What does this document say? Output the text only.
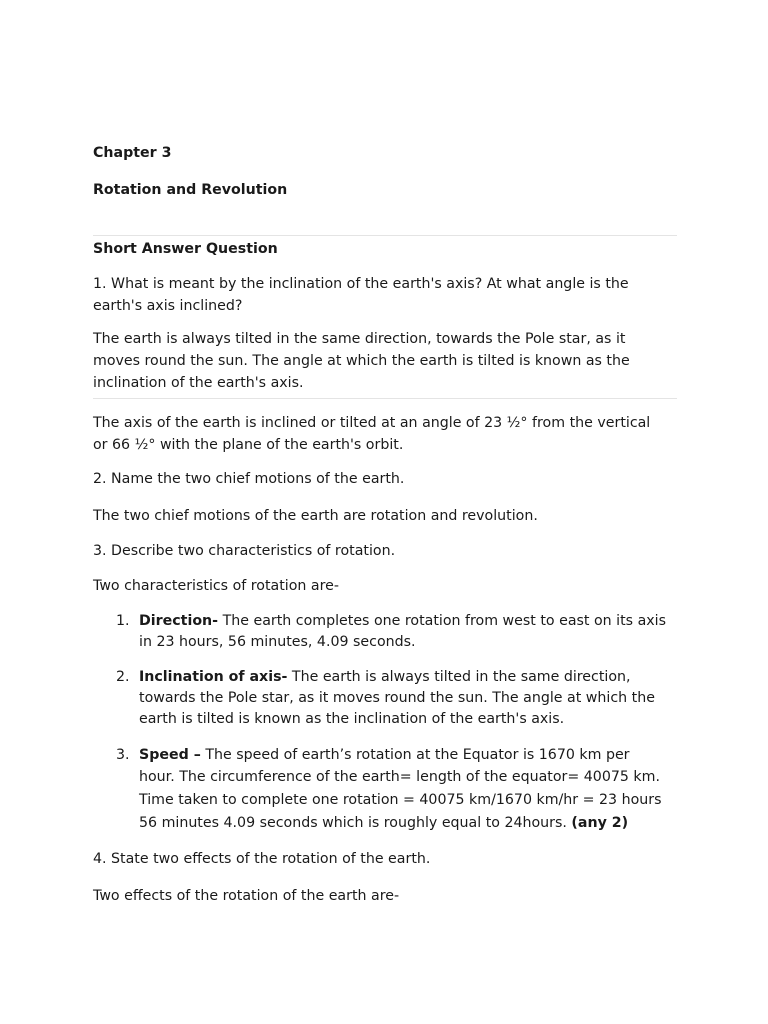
Chapter 3
Rotation and Revolution
Short Answer Question
1. What is meant by the inclination of the earth's axis? At what angle is the
earth's axis inclined?
The earth is always tilted in the same direction, towards the Pole star, as it
moves round the sun. The angle at which the earth is tilted is known as the
inclination of the earth's axis.
The axis of the earth is inclined or tilted at an angle of 23 ½° from the vertical
or 66 ½° with the plane of the earth's orbit.
2. Name the two chief motions of the earth.
The two chief motions of the earth are rotation and revolution.
3. Describe two characteristics of rotation.
Two characteristics of rotation are-
1. Direction- The earth completes one rotation from west to east on its axis
in 23 hours, 56 minutes, 4.09 seconds.
2. Inclination of axis- The earth is always tilted in the same direction,
towards the Pole star, as it moves round the sun. The angle at which the
earth is tilted is known as the inclination of the earth's axis.
3. Speed – The speed of earth’s rotation at the Equator is 1670 km per
hour. The circumference of the earth= length of the equator= 40075 km.
Time taken to complete one rotation = 40075 km/1670 km/hr = 23 hours
56 minutes 4.09 seconds which is roughly equal to 24hours. (any 2)
4. State two effects of the rotation of the earth.
Two effects of the rotation of the earth are-
